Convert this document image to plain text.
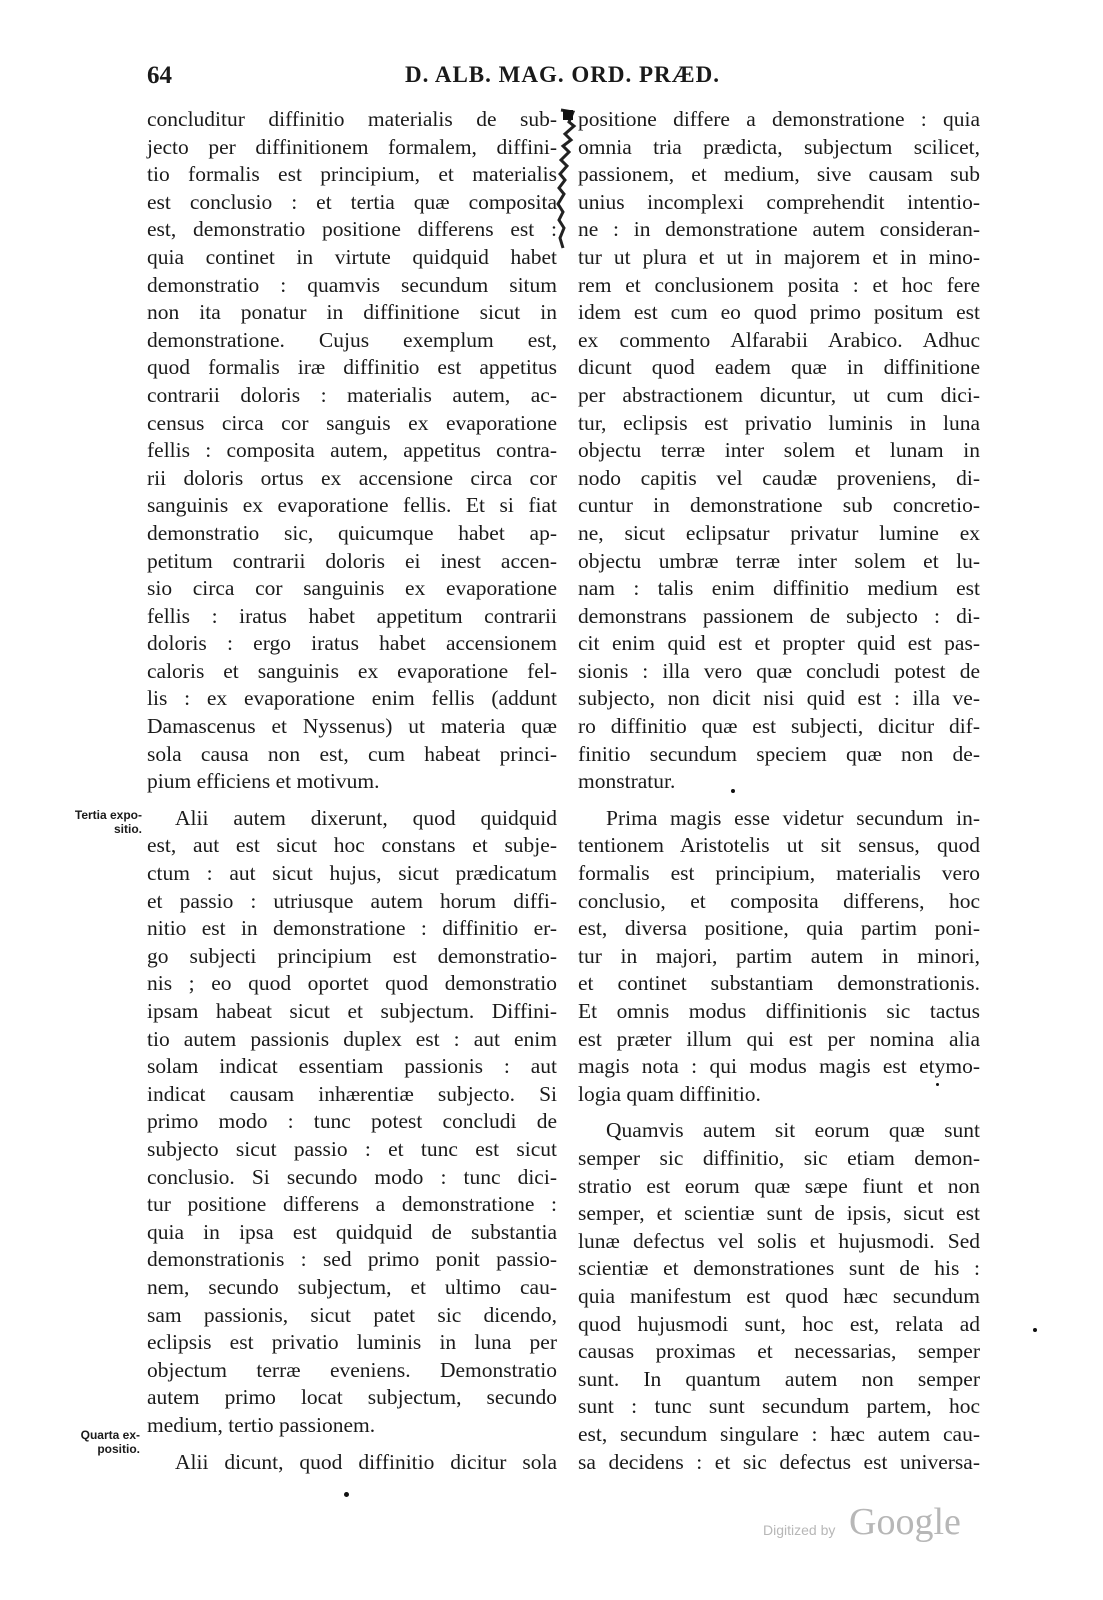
64	D. ALB. MAG. ORD. PRÆD.
concluditur diffinitio materialis de sub-
jecto per diffinitionem formalem, diffini-
tio formalis est principium, et materialis
est conclusio : et tertia quæ composita
est, demonstratio positione differens est :
quia continet in virtute quidquid habet
demonstratio : quamvis secundum situm
non ita ponatur in diffinitione sicut in
demonstratione. Cujus exemplum est,
quod formalis iræ diffinitio est appetitus
contrarii doloris : materialis autem, ac-
census circa cor sanguis ex evaporatione
fellis : composita autem, appetitus contra-
rii doloris ortus ex accensione circa cor
sanguinis ex evaporatione fellis. Et si fiat
demonstratio sic, quicumque habet ap-
petitum contrarii doloris ei inest accen-
sio circa cor sanguinis ex evaporatione
fellis : iratus habet appetitum contrarii
doloris : ergo iratus habet accensionem
caloris et sanguinis ex evaporatione fel-
lis : ex evaporatione enim fellis (addunt
Damascenus et Nyssenus) ut materia quæ
sola causa non est, cum habeat princi-
pium efficiens et motivum.
Alii autem dixerunt, quod quidquid
est, aut est sicut hoc constans et subje-
ctum : aut sicut hujus, sicut prædicatum
et passio : utriusque autem horum diffi-
nitio est in demonstratione : diffinitio er-
go subjecti principium est demonstratio-
nis ; eo quod oportet quod demonstratio
ipsam habeat sicut et subjectum. Diffini-
tio autem passionis duplex est : aut enim
solam indicat essentiam passionis : aut
indicat causam inhærentiæ subjecto. Si
primo modo : tunc potest concludi de
subjecto sicut passio : et tunc est sicut
conclusio. Si secundo modo : tunc dici-
tur positione differens a demonstratione :
quia in ipsa est quidquid de substantia
demonstrationis : sed primo ponit passio-
nem, secundo subjectum, et ultimo cau-
sam passionis, sicut patet sic dicendo,
eclipsis est privatio luminis in luna per
objectum terræ eveniens. Demonstratio
autem primo locat subjectum, secundo
medium, tertio passionem.
Alii dicunt, quod diffinitio dicitur sola
positione differe a demonstratione : quia
omnia tria prædicta, subjectum scilicet,
passionem, et medium, sive causam sub
unius incomplexi comprehendit intentio-
ne : in demonstratione autem consideran-
tur ut plura et ut in majorem et in mino-
rem et conclusionem posita : et hoc fere
idem est cum eo quod primo positum est
ex commento Alfarabii Arabico. Adhuc
dicunt quod eadem quæ in diffinitione
per abstractionem dicuntur, ut cum dici-
tur, eclipsis est privatio luminis in luna
objectu terræ inter solem et lunam in
nodo capitis vel caudæ proveniens, di-
cuntur in demonstratione sub concretio-
ne, sicut eclipsatur privatur lumine ex
objectu umbræ terræ inter solem et lu-
nam : talis enim diffinitio medium est
demonstrans passionem de subjecto : di-
cit enim quid est et propter quid est pas-
sionis : illa vero quæ concludi potest de
subjecto, non dicit nisi quid est : illa ve-
ro diffinitio quæ est subjecti, dicitur dif-
finitio secundum speciem quæ non de-
monstratur.
Prima magis esse videtur secundum in-
tentionem Aristotelis ut sit sensus, quod
formalis est principium, materialis vero
conclusio, et composita differens, hoc
est, diversa positione, quia partim poni-
tur in majori, partim autem in minori,
et continet substantiam demonstrationis.
Et omnis modus diffinitionis sic tactus
est præter illum qui est per nomina alia
magis nota : qui modus magis est etymo-
logia quam diffinitio.
Quamvis autem sit eorum quæ sunt
semper sic diffinitio, sic etiam demon-
stratio est eorum quæ sæpe fiunt et non
semper, et scientiæ sunt de ipsis, sicut est
lunæ defectus vel solis et hujusmodi. Sed
scientiæ et demonstrationes sunt de his :
quia manifestum est quod hæc secundum
quod hujusmodi sunt, hoc est, relata ad
causas proximas et necessarias, semper
sunt. In quantum autem non semper
sunt : tunc sunt secundum partem, hoc
est, secundum singulare : hæc autem cau-
sa decidens : et sic defectus est universa-
Tertia expo-
sitio.
Quarta ex-
positio.
Digitized by Google
